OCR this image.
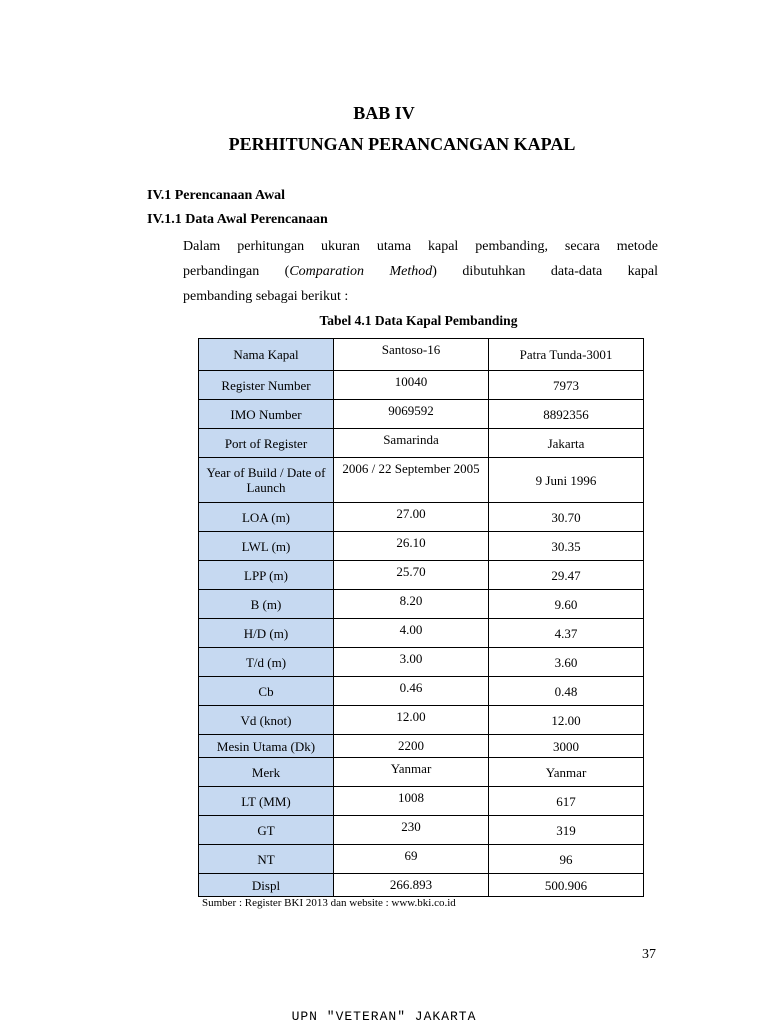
BAB IV
PERHITUNGAN PERANCANGAN KAPAL
IV.1 Perencanaan Awal
IV.1.1 Data Awal Perencanaan
Dalam perhitungan ukuran utama kapal pembanding, secara metode
perbandingan (Comparation Method) dibutuhkan data-data kapal
pembanding sebagai berikut :
Tabel 4.1 Data Kapal Pembanding
Nama Kapal	Santoso-16	Patra Tunda-3001
Register Number	10040	7973
IMO Number	9069592	8892356
Port of Register	Samarinda	Jakarta
Year of Build / Date of Launch	2006 / 22 September 2005	9 Juni 1996
LOA (m)	27.00	30.70
LWL (m)	26.10	30.35
LPP (m)	25.70	29.47
B (m)	8.20	9.60
H/D (m)	4.00	4.37
T/d (m)	3.00	3.60
Cb	0.46	0.48
Vd (knot)	12.00	12.00
Mesin Utama (Dk)	2200	3000
Merk	Yanmar	Yanmar
LT (MM)	1008	617
GT	230	319
NT	69	96
Displ	266.893	500.906
Sumber : Register BKI 2013 dan website : www.bki.co.id
37
UPN "VETERAN" JAKARTA
